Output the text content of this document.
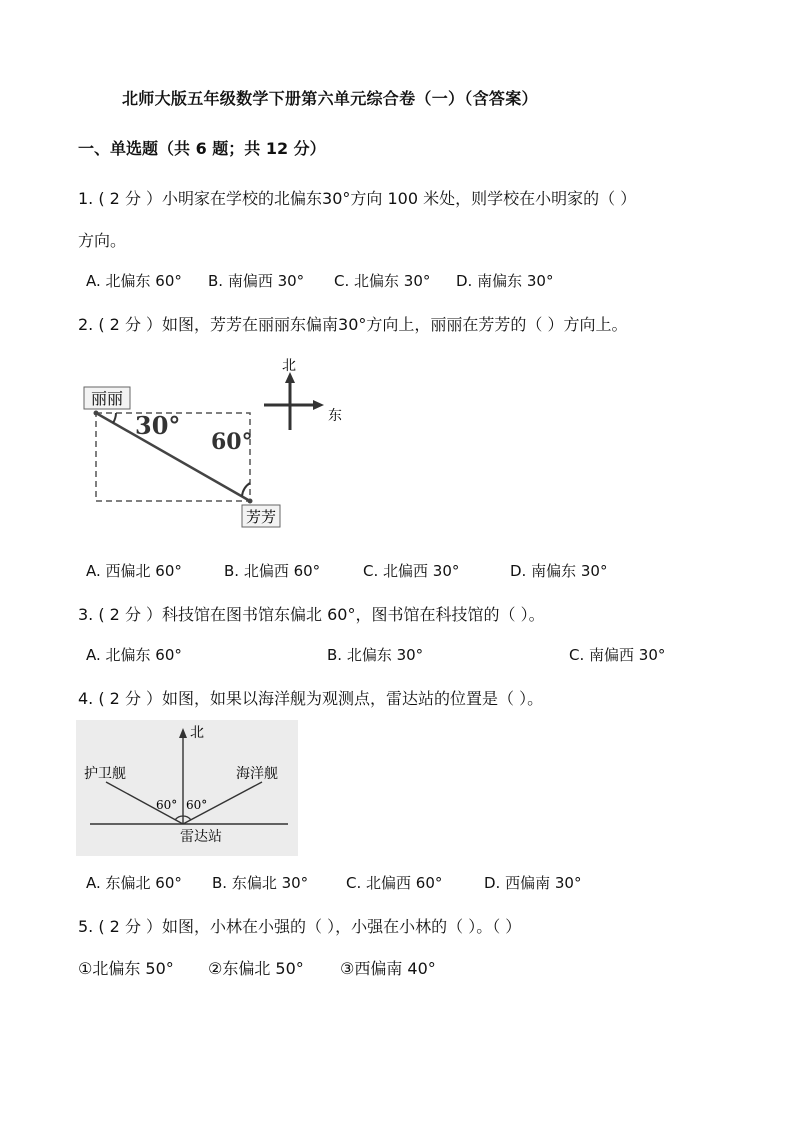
北师大版五年级数学下册第六单元综合卷（一）（含答案）
一、单选题（共 6 题；共 12 分）
1. ( 2 分 ）小明家在学校的北偏东30°方向 100 米处，则学校在小明家的（ ）
方向。
A. 北偏东 60° B. 南偏西 30° C. 北偏东 30° D. 南偏东 30°
2. ( 2 分 ）如图，芳芳在丽丽东偏南30°方向上，丽丽在芳芳的（ ）方向上。
丽丽
芳芳
30°
60°
北
东
A. 西偏北 60°	B. 北偏西 60°	C. 北偏西 30°	D. 南偏东 30°
3. ( 2 分 ）科技馆在图书馆东偏北 60°，图书馆在科技馆的（ ）。
A. 北偏东 60°	B. 北偏东 30°	C. 南偏西 30°
4. ( 2 分 ）如图，如果以海洋舰为观测点，雷达站的位置是（ ）。
北
护卫舰	海洋舰
60° 60°
雷达站
A. 东偏北 60° B. 东偏北 30°	C. 北偏西 60°	D. 西偏南 30°
5. ( 2 分 ）如图，小林在小强的（ ），小强在小林的（ ）。（ ）
①北偏东 50° ②东偏北 50° ③西偏南 40°
